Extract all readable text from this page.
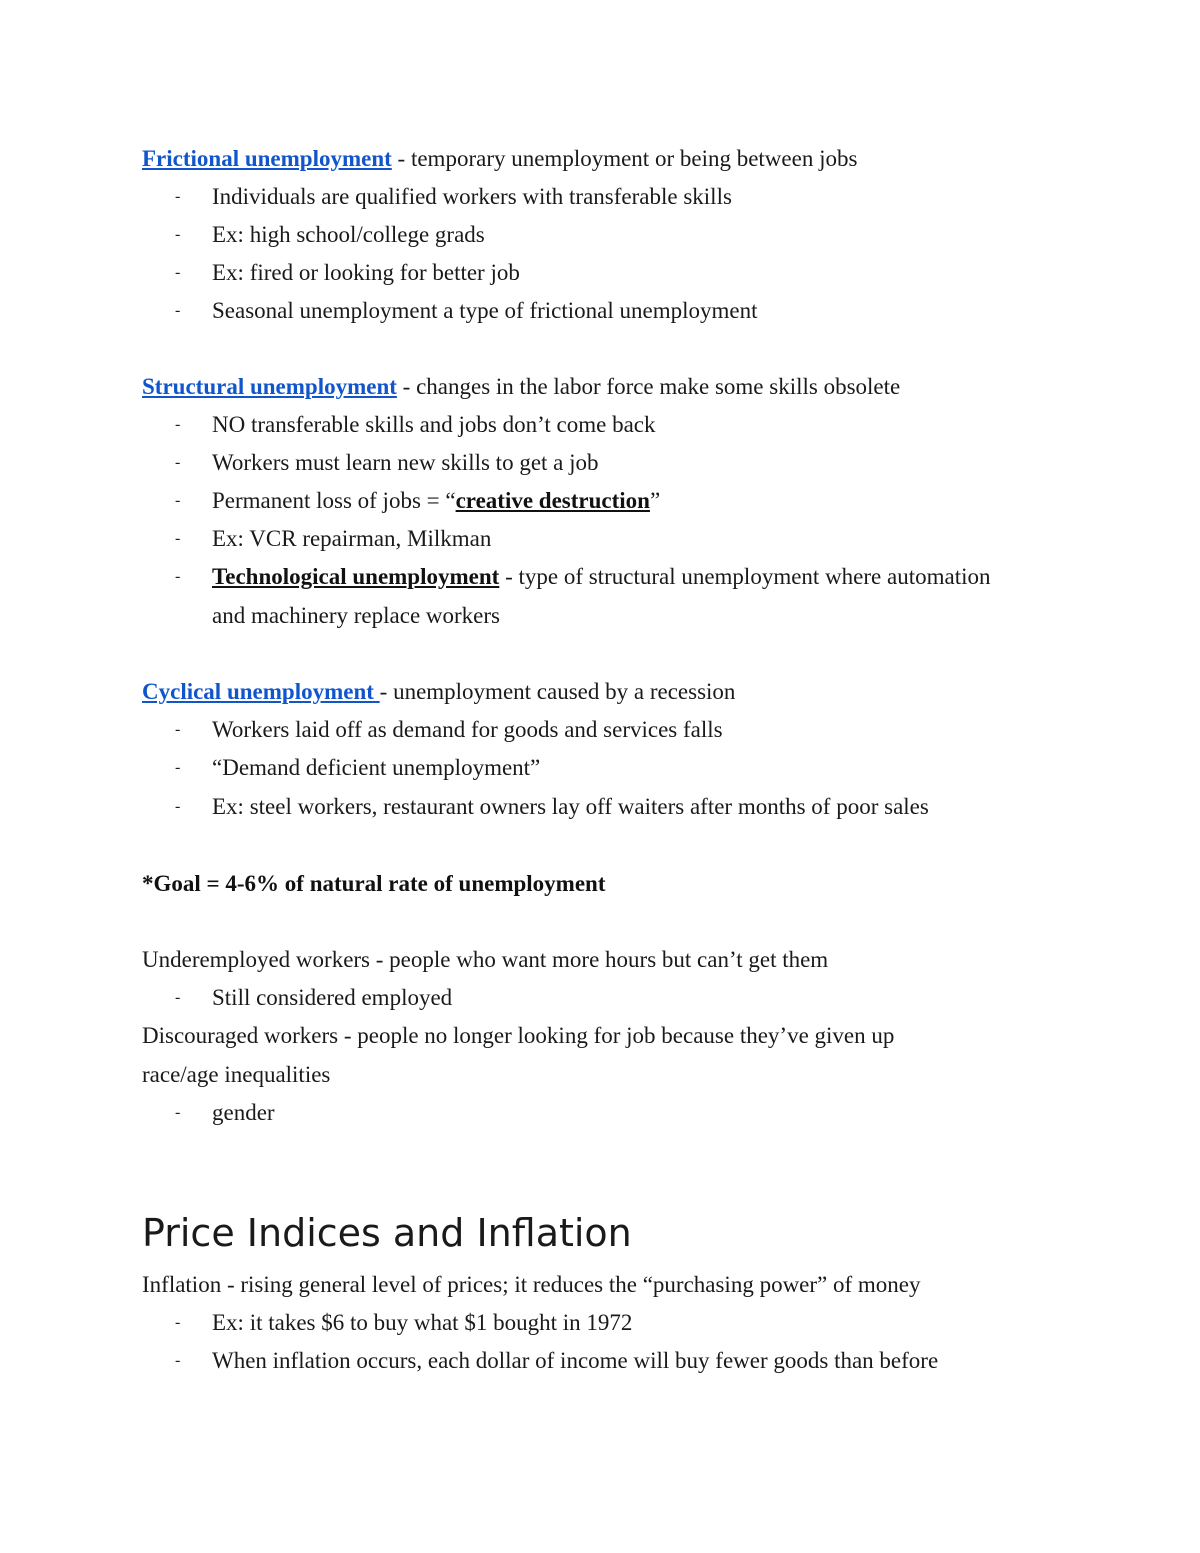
Frictional unemployment - temporary unemployment or being between jobs
- Individuals are qualified workers with transferable skills
- Ex: high school/college grads
- Ex: fired or looking for better job
- Seasonal unemployment a type of frictional unemployment
Structural unemployment - changes in the labor force make some skills obsolete
- NO transferable skills and jobs don’t come back
- Workers must learn new skills to get a job
- Permanent loss of jobs = “creative destruction”
- Ex: VCR repairman, Milkman
- Technological unemployment - type of structural unemployment where automation
and machinery replace workers
Cyclical unemployment - unemployment caused by a recession
- Workers laid off as demand for goods and services falls
- “Demand deficient unemployment”
- Ex: steel workers, restaurant owners lay off waiters after months of poor sales
*Goal = 4-6% of natural rate of unemployment
Underemployed workers - people who want more hours but can’t get them
- Still considered employed
Discouraged workers - people no longer looking for job because they’ve given up
race/age inequalities
- gender
Price Indices and Inflation
Inflation - rising general level of prices; it reduces the “purchasing power” of money
- Ex: it takes $6 to buy what $1 bought in 1972
- When inflation occurs, each dollar of income will buy fewer goods than before
